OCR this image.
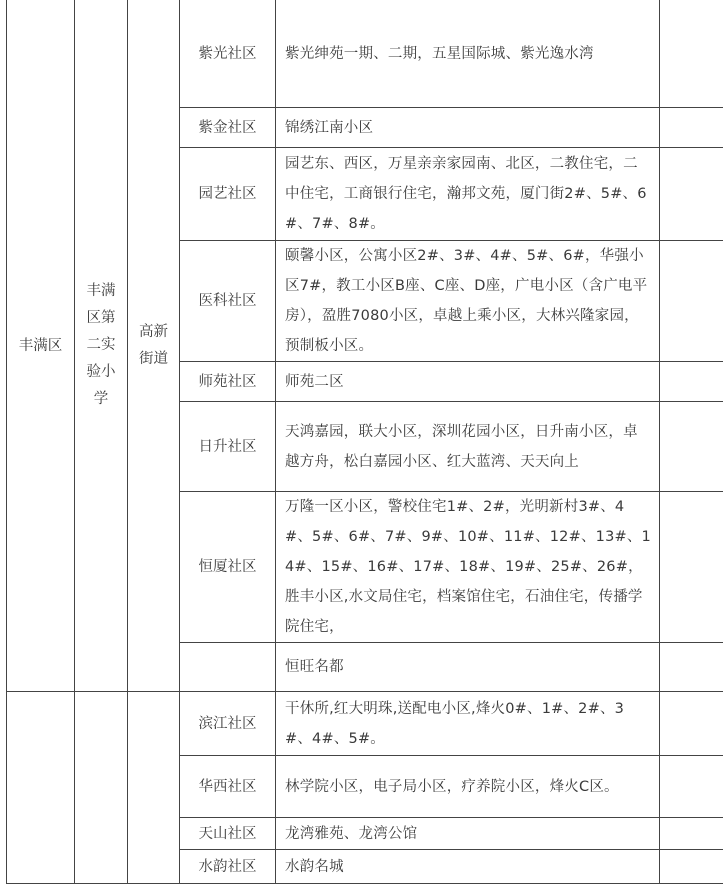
丰满区	丰满区第二实验小学	高新街道	紫光社区	紫光绅苑一期、二期，五星国际城、紫光逸水湾	
			紫金社区	锦绣江南小区	
			园艺社区	园艺东、西区，万星亲亲家园南、北区，二教住宅，二中住宅，工商银行住宅，瀚邦文苑，厦门街2#、5#、6#、7#、8#。	
			医科社区	颐馨小区，公寓小区2#、3#、4#、5#、6#，华强小区7#，教工小区B座、C座、D座，广电小区（含广电平房），盈胜7080小区，卓越上乘小区，大林兴隆家园，预制板小区。	
			师苑社区	师苑二区	
			日升社区	天鸿嘉园，联大小区，深圳花园小区，日升南小区，卓越方舟，松白嘉园小区、红大蓝湾、天天向上	
			恒厦社区	万隆一区小区，警校住宅1#、2#，光明新村3#、4#、5#、6#、7#、9#、10#、11#、12#、13#、14#、15#、16#、17#、18#、19#、25#、26#，胜丰小区,水文局住宅，档案馆住宅，石油住宅，传播学院住宅，	
				恒旺名都	
			滨江社区	干休所,红大明珠,送配电小区,烽火0#、1#、2#、3#、4#、5#。	
			华西社区	林学院小区，电子局小区，疗养院小区，烽火C区。	
			天山社区	龙湾雅苑、龙湾公馆	
			水韵社区	水韵名城	
